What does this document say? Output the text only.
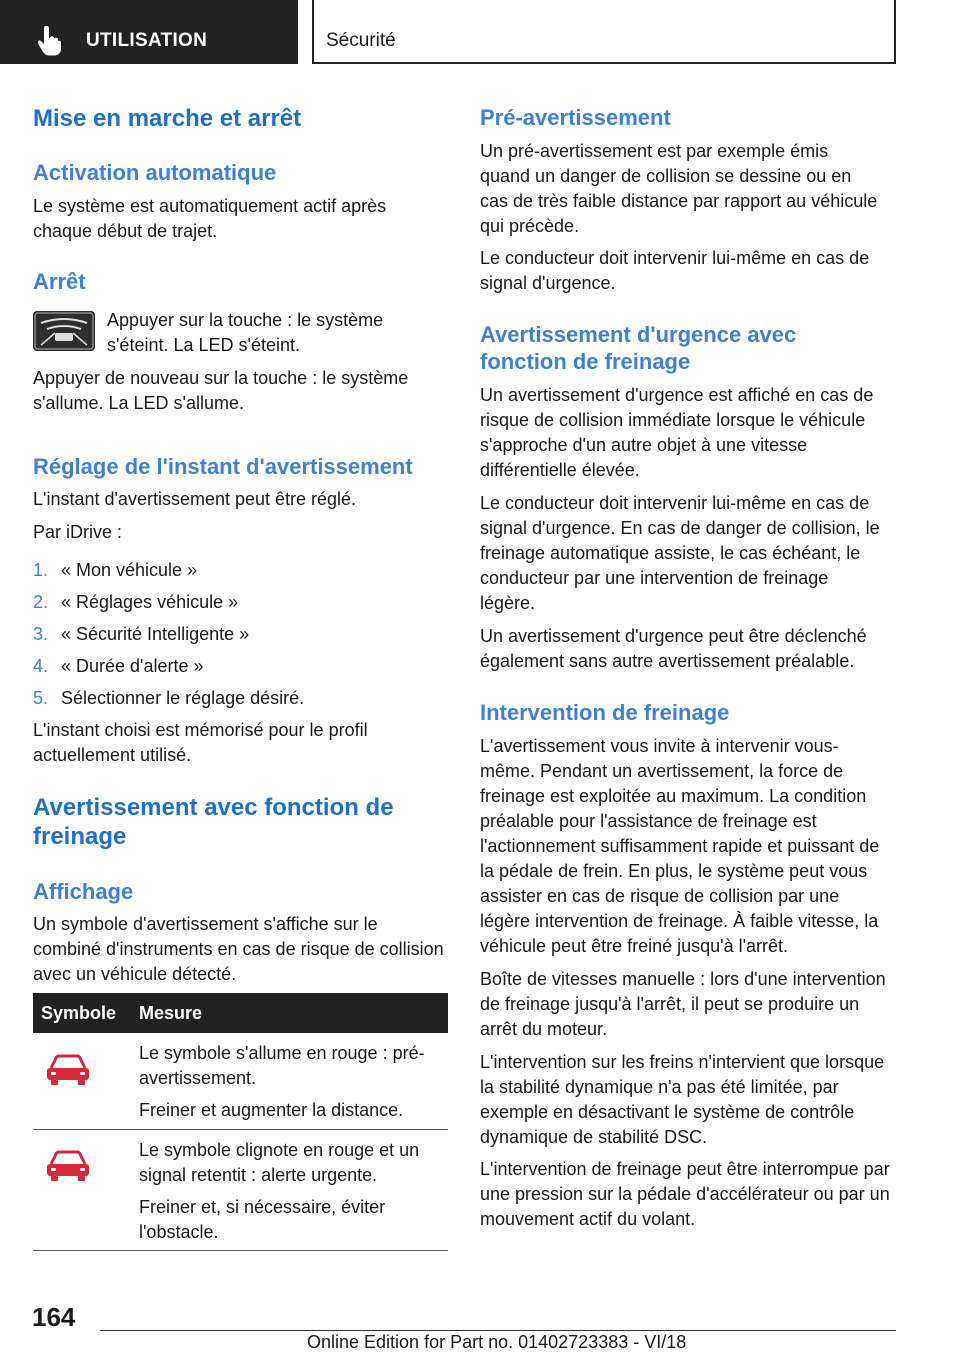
UTILISATION	Sécurité
Mise en marche et arrêt
Activation automatique
Le système est automatiquement actif après chaque début de trajet.
Arrêt
Appuyer sur la touche : le système s'éteint. La LED s'éteint.
Appuyer de nouveau sur la touche : le système s'allume. La LED s'allume.
Réglage de l'instant d'avertissement
L'instant d'avertissement peut être réglé.
Par iDrive :
1. « Mon véhicule »
2. « Réglages véhicule »
3. « Sécurité Intelligente »
4. « Durée d'alerte »
5. Sélectionner le réglage désiré.
L'instant choisi est mémorisé pour le profil actuellement utilisé.
Avertissement avec fonction de freinage
Affichage
Un symbole d'avertissement s'affiche sur le combiné d'instruments en cas de risque de collision avec un véhicule détecté.
Symbole Mesure
Le symbole s'allume en rouge : pré-avertissement.
Freiner et augmenter la distance.
Le symbole clignote en rouge et un signal retentit : alerte urgente.
Freiner et, si nécessaire, éviter l'obstacle.
Pré-avertissement
Un pré-avertissement est par exemple émis quand un danger de collision se dessine ou en cas de très faible distance par rapport au véhicule qui précède.
Le conducteur doit intervenir lui-même en cas de signal d'urgence.
Avertissement d'urgence avec fonction de freinage
Un avertissement d'urgence est affiché en cas de risque de collision immédiate lorsque le véhicule s'approche d'un autre objet à une vitesse différentielle élevée.
Le conducteur doit intervenir lui-même en cas de signal d'urgence. En cas de danger de collision, le freinage automatique assiste, le cas échéant, le conducteur par une intervention de freinage légère.
Un avertissement d'urgence peut être déclenché également sans autre avertissement préalable.
Intervention de freinage
L'avertissement vous invite à intervenir vous-même. Pendant un avertissement, la force de freinage est exploitée au maximum. La condition préalable pour l'assistance de freinage est l'actionnement suffisamment rapide et puissant de la pédale de frein. En plus, le système peut vous assister en cas de risque de collision par une légère intervention de freinage. À faible vitesse, la véhicule peut être freiné jusqu'à l'arrêt.
Boîte de vitesses manuelle : lors d'une intervention de freinage jusqu'à l'arrêt, il peut se produire un arrêt du moteur.
L'intervention sur les freins n'intervient que lorsque la stabilité dynamique n'a pas été limitée, par exemple en désactivant le système de contrôle dynamique de stabilité DSC.
L'intervention de freinage peut être interrompue par une pression sur la pédale d'accélérateur ou par un mouvement actif du volant.
164
Online Edition for Part no. 01402723383 - VI/18
